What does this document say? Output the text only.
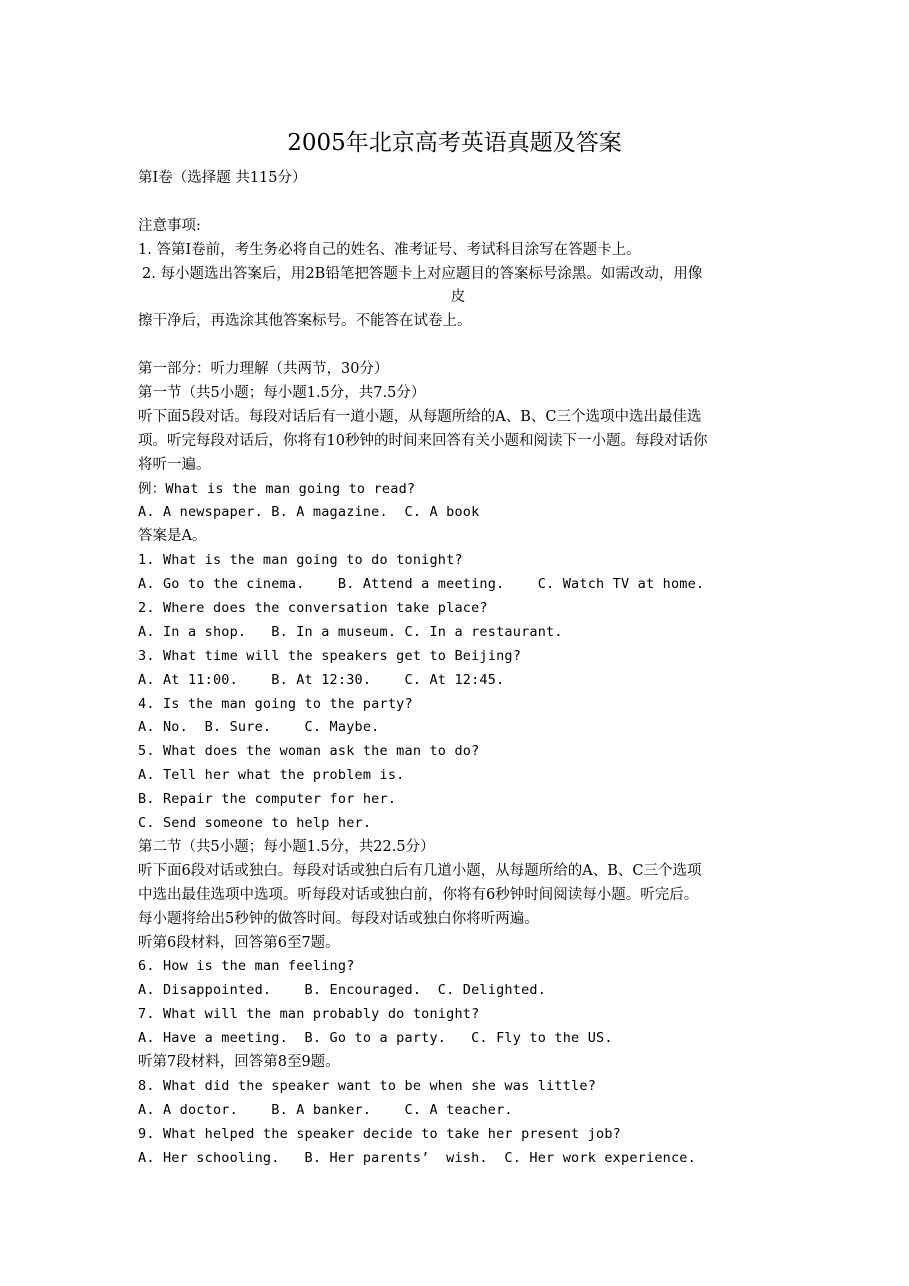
2005年北京高考英语真题及答案
第Ⅰ卷（选择题 共115分）
注意事项:
1. 答第Ⅰ卷前，考生务必将自己的姓名、准考证号、考试科目涂写在答题卡上。
2. 每小题选出答案后，用2B铅笔把答题卡上对应题目的答案标号涂黑。如需改动，用像
皮
擦干净后，再选涂其他答案标号。不能答在试卷上。
第一部分：听力理解（共两节，30分）
第一节（共5小题；每小题1.5分，共7.5分）
听下面5段对话。每段对话后有一道小题，从每题所给的A、B、C三个选项中选出最佳选
项。听完每段对话后，你将有10秒钟的时间来回答有关小题和阅读下一小题。每段对话你
将听一遍。
例：What is the man going to read?
A. A newspaper. B. A magazine.  C. A book
答案是A。
1. What is the man going to do tonight?
A. Go to the cinema.    B. Attend a meeting.    C. Watch TV at home.
2. Where does the conversation take place?
A. In a shop.   B. In a museum. C. In a restaurant.
3. What time will the speakers get to Beijing?
A. At 11:00.    B. At 12:30.    C. At 12:45.
4. Is the man going to the party?
A. No.  B. Sure.    C. Maybe.
5. What does the woman ask the man to do?
A. Tell her what the problem is.
B. Repair the computer for her.
C. Send someone to help her.
第二节（共5小题；每小题1.5分，共22.5分）
听下面6段对话或独白。每段对话或独白后有几道小题，从每题所给的A、B、C三个选项
中选出最佳选项中选项。听每段对话或独白前，你将有6秒钟时间阅读每小题。听完后。
每小题将给出5秒钟的做答时间。每段对话或独白你将听两遍。
听第6段材料，回答第6至7题。
6. How is the man feeling?
A. Disappointed.    B. Encouraged.  C. Delighted.
7. What will the man probably do tonight?
A. Have a meeting.  B. Go to a party.   C. Fly to the US.
听第7段材料，回答第8至9题。
8. What did the speaker want to be when she was little?
A. A doctor.    B. A banker.    C. A teacher.
9. What helped the speaker decide to take her present job?
A. Her schooling.   B. Her parents’  wish.  C. Her work experience.
